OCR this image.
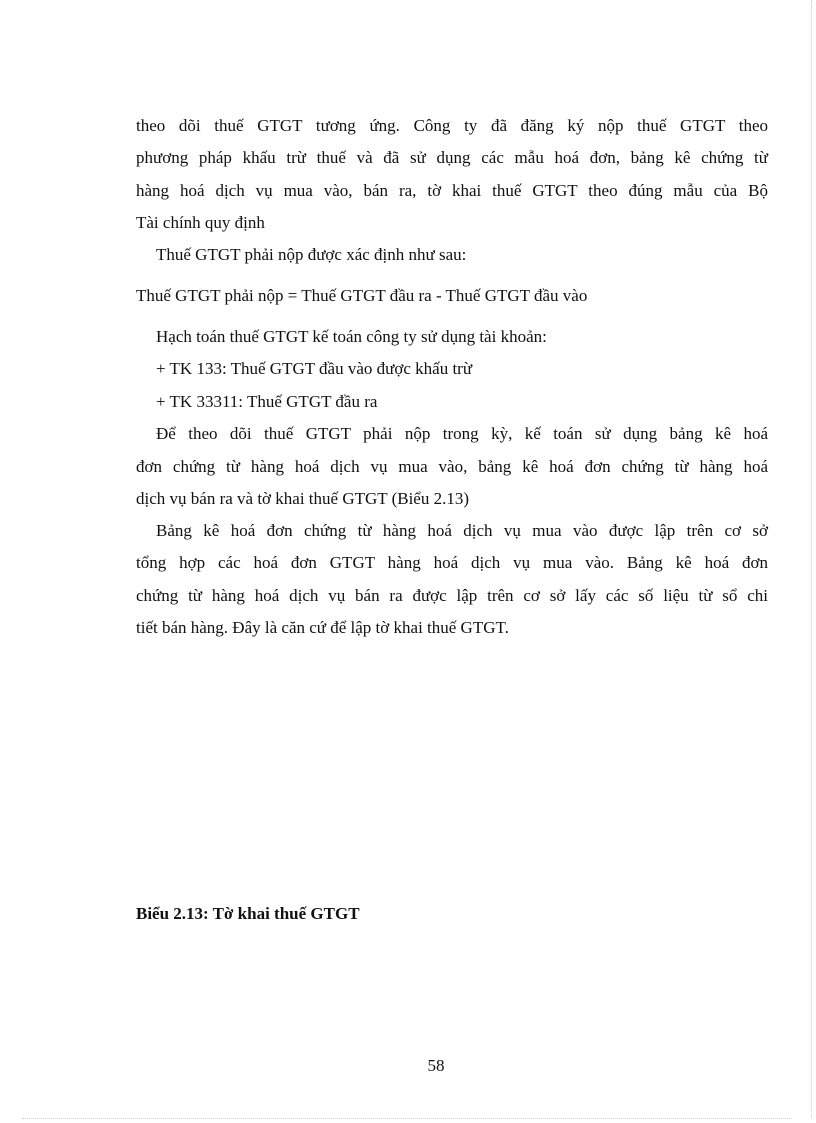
theo dõi thuế GTGT tương ứng. Công ty đã đăng ký nộp thuế GTGT theo
phương pháp khấu trừ thuế và đã sử dụng các mẫu hoá đơn, bảng kê chứng từ
hàng hoá dịch vụ mua vào, bán ra, tờ khai thuế GTGT theo đúng mẫu của Bộ
Tài chính quy định
Thuế GTGT phải nộp được xác định như sau:
Thuế GTGT phải nộp = Thuế GTGT đầu ra - Thuế GTGT đầu vào
Hạch toán thuế GTGT kế toán công ty sử dụng tài khoản:
+ TK 133: Thuế GTGT đầu vào được khấu trừ
+ TK 33311: Thuế GTGT đầu ra
Để theo dõi thuế GTGT phải nộp trong kỳ, kế toán sử dụng bảng kê hoá
đơn chứng từ hàng hoá dịch vụ mua vào, bảng kê hoá đơn chứng từ hàng hoá
dịch vụ bán ra và tờ khai thuế GTGT (Biểu 2.13)
Bảng kê hoá đơn chứng từ hàng hoá dịch vụ mua vào được lập trên cơ sở
tổng hợp các hoá đơn GTGT hàng hoá dịch vụ mua vào. Bảng kê hoá đơn
chứng từ hàng hoá dịch vụ bán ra được lập trên cơ sở lấy các số liệu từ sổ chi
tiết bán hàng. Đây là căn cứ để lập tờ khai thuế GTGT.
Biểu 2.13: Tờ khai thuế GTGT
58
